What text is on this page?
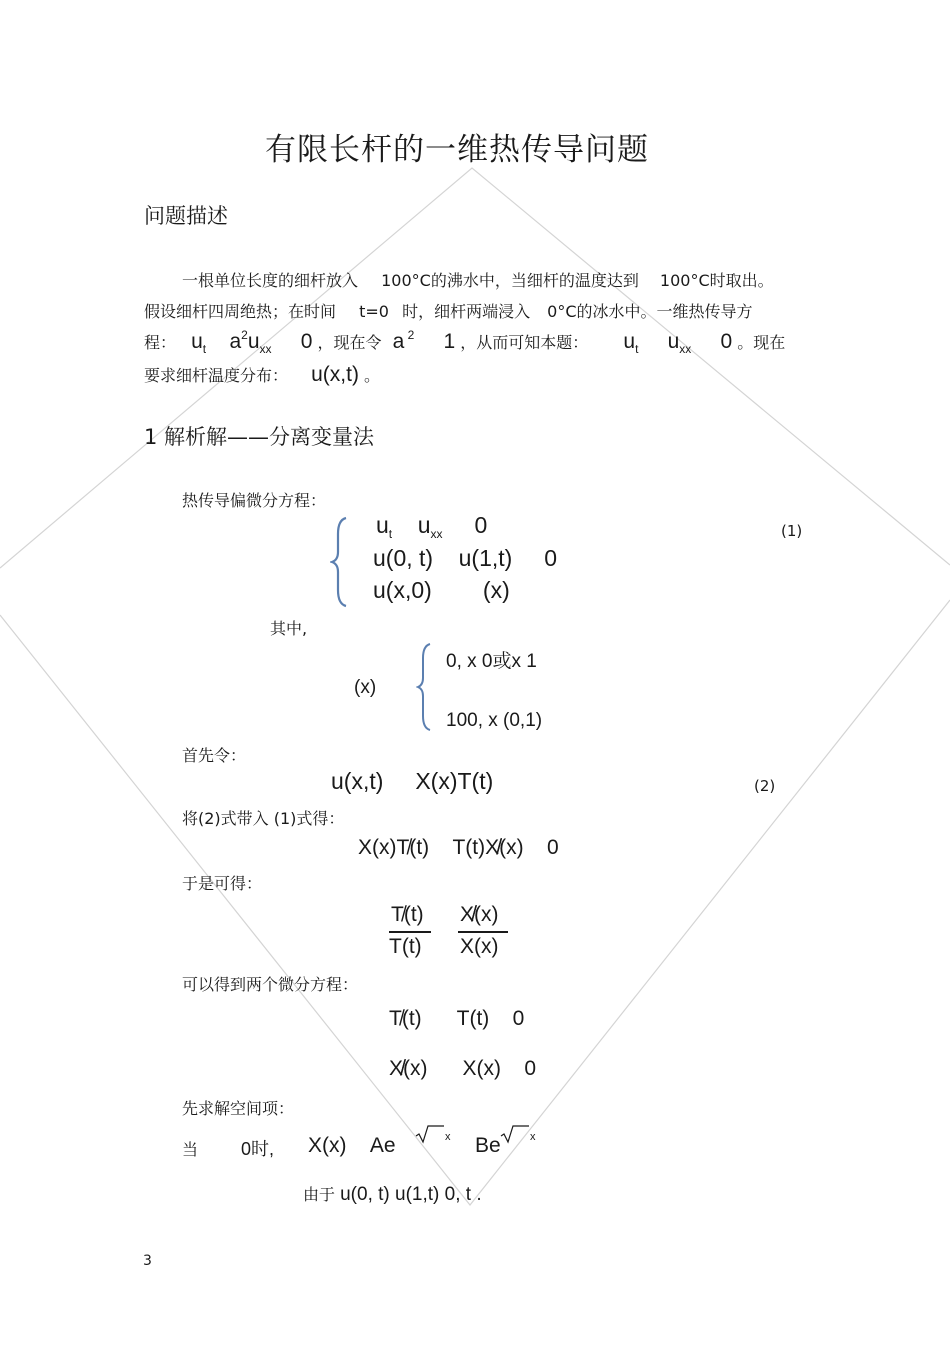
有限长杆的一维热传导问题
问题描述
一根单位长度的细杆放入 100°C的沸水中，当细杆的温度达到 100°C时取出。
假设细杆四周绝热；在时间 t=0 时，细杆两端浸入 0°C的冰水中。一维热传导方
程： $u_t$    $a^2u_{xx}$     0 ，现在令 a $^2$     1 ，从而可知本题： $u_t$     $u_{xx}$     0 。现在
要求细杆温度分布： u(x,t) 。
1 解析解——分离变量法
热传导偏微分方程：
$u_t$    $u_{xx}$     0
u(0, t)    u(1,t)     0
u(x,0)        (x)
(1)
其中,
(x)
0, x 0或x 1
100, x (0,1)
首先令：
u(x,t)     X(x)T(t)	(2)
将(2)式带入 (1)式得：
X(x)T̸(t)    T(t)X̸̸(x)    0
于是可得：
T̸(t)
T(t)
X̸̸(x)
X(x)
可以得到两个微分方程：
T̸(t)      T(t)    0
X̸̸(x)      X(x)    0
先求解空间项：
当 0时, X(x)    Ae	x Be	x
由于 u(0, t) u(1,t) 0, t .
3
